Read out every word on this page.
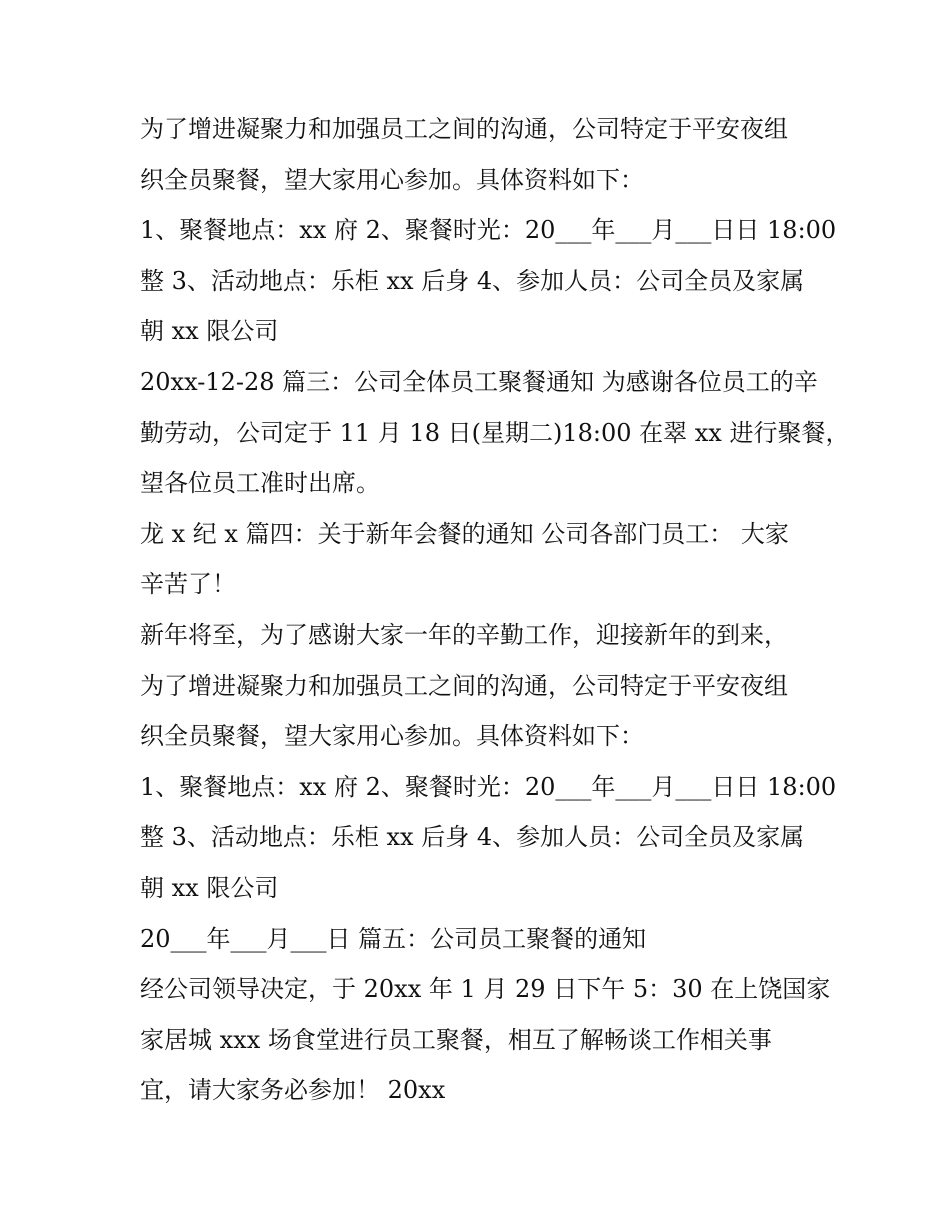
为了增进凝聚力和加强员工之间的沟通，公司特定于平安夜组
织全员聚餐，望大家用心参加。具体资料如下：
1、聚餐地点：xx 府 2、聚餐时光：20___年___月___日日 18:00
整 3、活动地点：乐柜 xx 后身 4、参加人员：公司全员及家属
朝 xx 限公司
20xx-12-28 篇三：公司全体员工聚餐通知 为感谢各位员工的辛
勤劳动，公司定于 11 月 18 日(星期二)18:00 在翠 xx 进行聚餐，
望各位员工准时出席。
龙 x 纪 x 篇四：关于新年会餐的通知 公司各部门员工： 大家
辛苦了！
新年将至，为了感谢大家一年的辛勤工作，迎接新年的到来，
为了增进凝聚力和加强员工之间的沟通，公司特定于平安夜组
织全员聚餐，望大家用心参加。具体资料如下：
1、聚餐地点：xx 府 2、聚餐时光：20___年___月___日日 18:00
整 3、活动地点：乐柜 xx 后身 4、参加人员：公司全员及家属
朝 xx 限公司
20___年___月___日 篇五：公司员工聚餐的通知
经公司领导决定，于 20xx 年 1 月 29 日下午 5：30 在上饶国家
家居城 xxx 场食堂进行员工聚餐，相互了解畅谈工作相关事
宜，请大家务必参加！ 20xx
